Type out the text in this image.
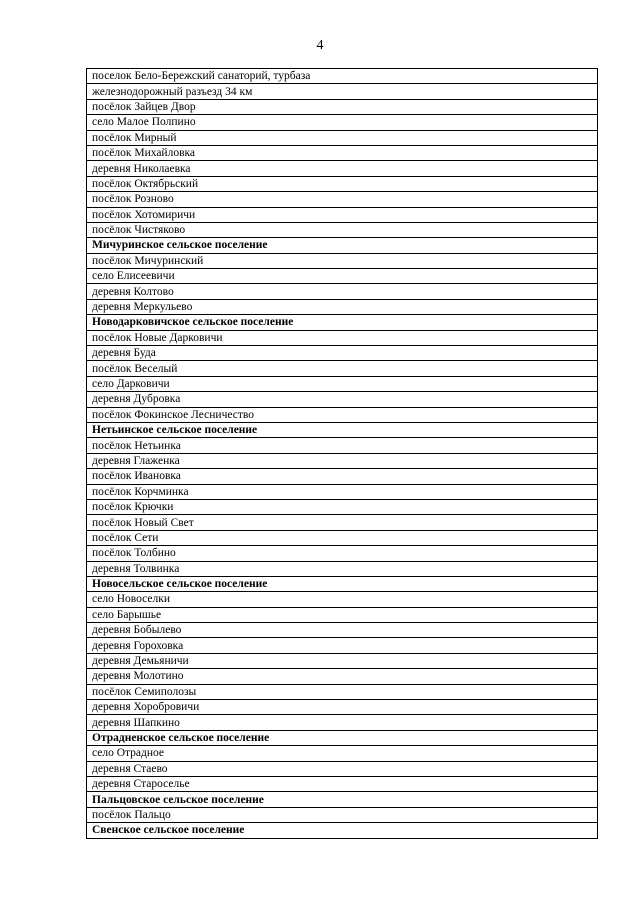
4
поселок Бело-Бережский санаторий, турбаза
железнодорожный разъезд 34 км
посёлок Зайцев Двор
село Малое Полпино
посёлок Мирный
посёлок Михайловка
деревня Николаевка
посёлок Октябрьский
посёлок Розново
посёлок Хотомиричи
посёлок Чистяково
Мичуринское сельское поселение
посёлок Мичуринский
село Елисеевичи
деревня Колтово
деревня Меркульево
Новодарковичское сельское поселение
посёлок Новые Дарковичи
деревня Буда
посёлок Веселый
село Дарковичи
деревня Дубровка
посёлок Фокинское Лесничество
Нетьинское сельское поселение
посёлок Нетьинка
деревня Глаженка
посёлок Ивановка
посёлок Корчминка
посёлок Крючки
посёлок Новый Свет
посёлок Сети
посёлок Толбино
деревня Толвинка
Новосельское сельское поселение
село Новоселки
село Барышье
деревня Бобылево
деревня Гороховка
деревня Демьяничи
деревня Молотино
посёлок Семиполозы
деревня Хоробровичи
деревня Шапкино
Отрадненское сельское поселение
село Отрадное
деревня Стаево
деревня Староселье
Пальцовское сельское поселение
посёлок Пальцо
Свенское сельское поселение
